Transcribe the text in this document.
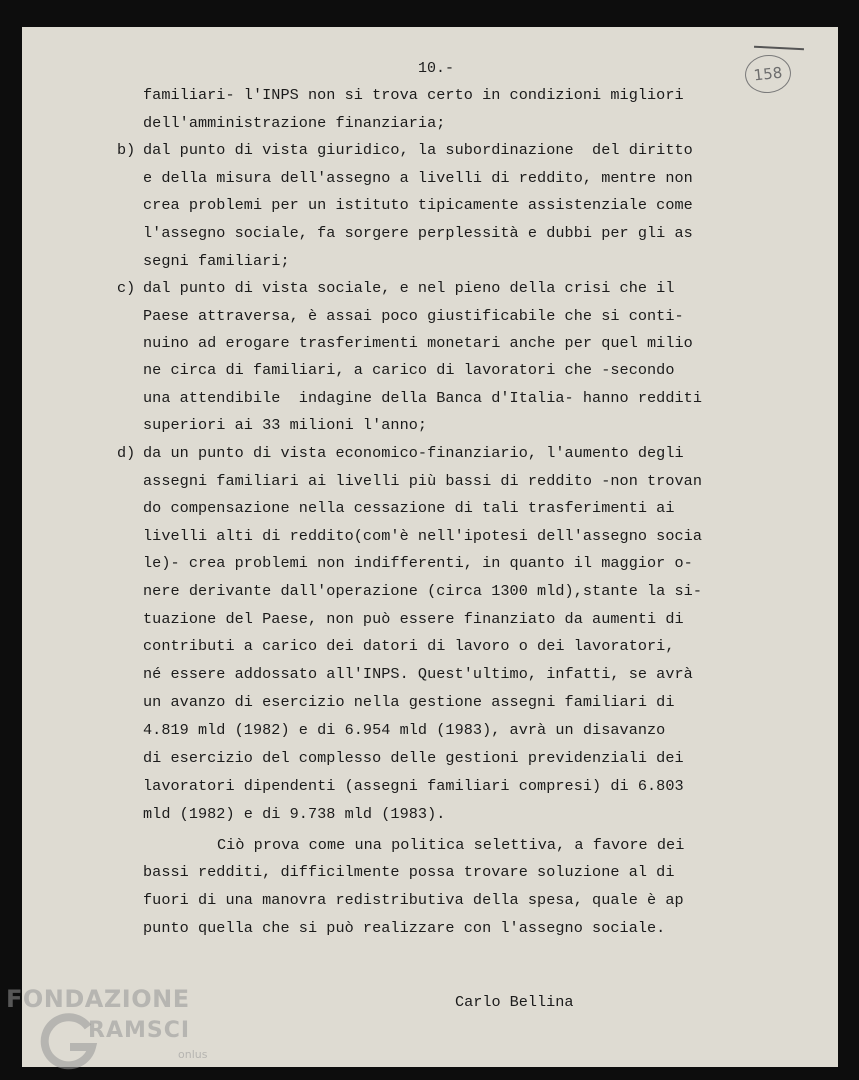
10.-	158
familiari- l'INPS non si trova certo in condizioni migliori
dell'amministrazione finanziaria;
b) dal punto di vista giuridico, la subordinazione  del diritto
e della misura dell'assegno a livelli di reddito, mentre non
crea problemi per un istituto tipicamente assistenziale come
l'assegno sociale, fa sorgere perplessità e dubbi per gli as
segni familiari;
c) dal punto di vista sociale, e nel pieno della crisi che il
Paese attraversa, è assai poco giustificabile che si conti-
nuino ad erogare trasferimenti monetari anche per quel milio
ne circa di familiari, a carico di lavoratori che -secondo
una attendibile  indagine della Banca d'Italia- hanno redditi
superiori ai 33 milioni l'anno;
d) da un punto di vista economico-finanziario, l'aumento degli
assegni familiari ai livelli più bassi di reddito -non trovan
do compensazione nella cessazione di tali trasferimenti ai
livelli alti di reddito(com'è nell'ipotesi dell'assegno socia
le)- crea problemi non indifferenti, in quanto il maggior o-
nere derivante dall'operazione (circa 1300 mld),stante la si-
tuazione del Paese, non può essere finanziato da aumenti di
contributi a carico dei datori di lavoro o dei lavoratori,
né essere addossato all'INPS. Quest'ultimo, infatti, se avrà
un avanzo di esercizio nella gestione assegni familiari di
4.819 mld (1982) e di 6.954 mld (1983), avrà un disavanzo
di esercizio del complesso delle gestioni previdenziali dei
lavoratori dipendenti (assegni familiari compresi) di 6.803
mld (1982) e di 9.738 mld (1983).
Ciò prova come una politica selettiva, a favore dei
bassi redditi, difficilmente possa trovare soluzione al di
fuori di una manovra redistributiva della spesa, quale è ap
punto quella che si può realizzare con l'assegno sociale.
Carlo Bellina
FONDAZIONE
RAMSCI
onlus
